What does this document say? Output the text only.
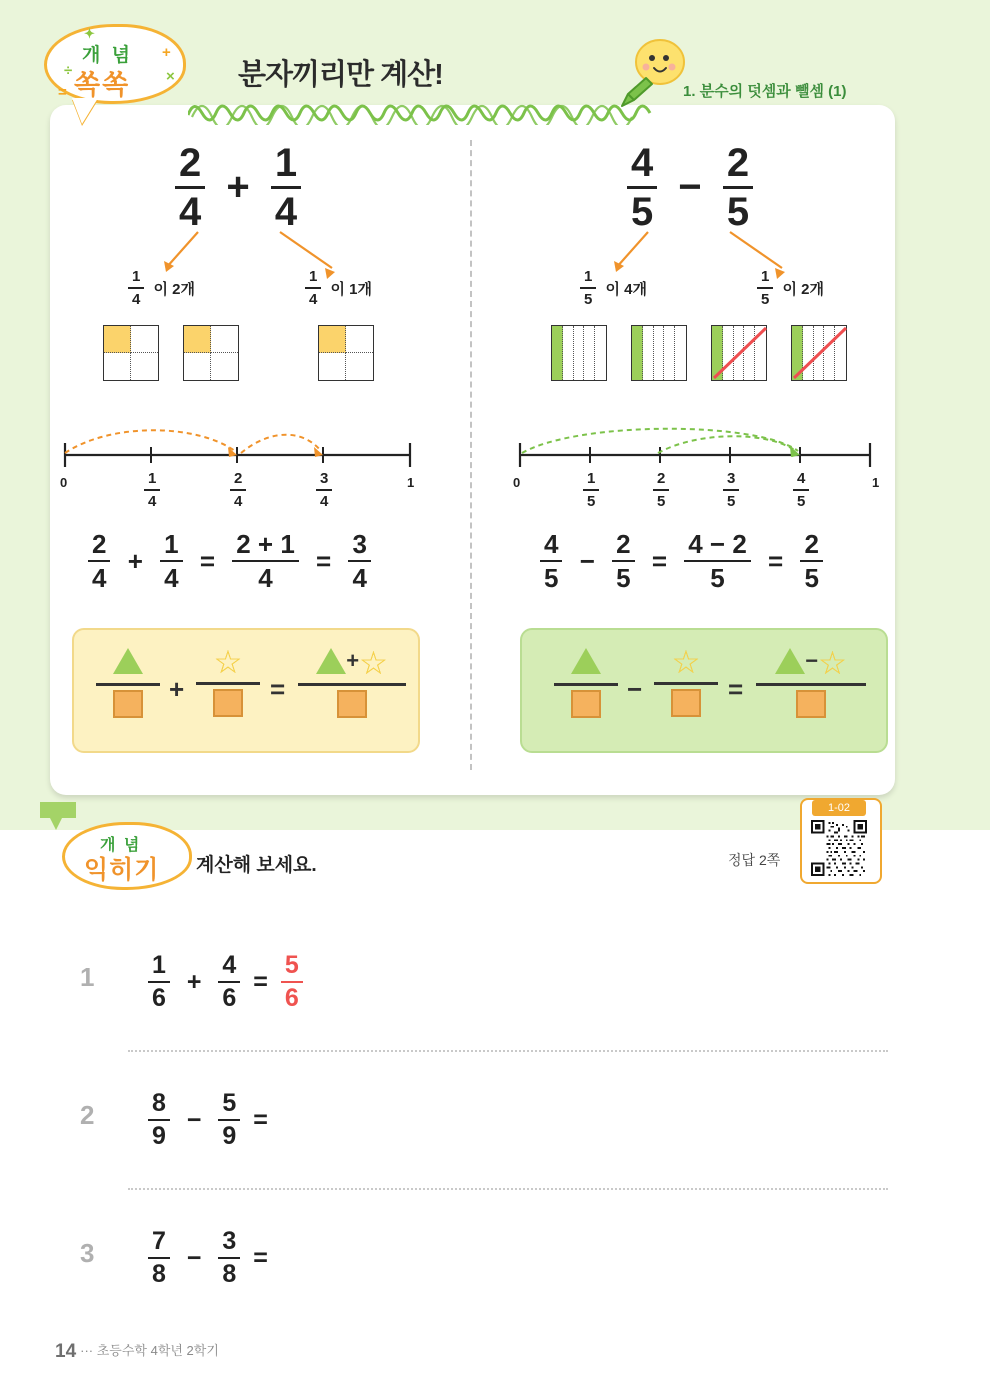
÷
+
×
=
✦
개 념
쏙쏙	분자끼리만 계산!
1. 분수의 덧셈과 뺄셈 (1)
$\frac{2}{4} + \frac{1}{4}$
$\frac{1}{4}$ 이 2개	$\frac{1}{4}$ 이 1개
0	1
$\frac{1}{4}$	$\frac{2}{4}$	$\frac{3}{4}$
$\frac{2}{4} + \frac{1}{4} = \frac{2 + 1}{4} = \frac{3}{4}$
+
☆
=
+☆
$\frac{4}{5} - \frac{2}{5}$
$\frac{1}{5}$ 이 4개	$\frac{1}{5}$ 이 2개
0	1
$\frac{1}{5}$	$\frac{2}{5}$	$\frac{3}{5}$	$\frac{4}{5}$
$\frac{4}{5} - \frac{2}{5} = \frac{4 - 2}{5} = \frac{2}{5}$
−
☆
=
−☆
개 념
익히기 계산해 보세요.	정답 2쪽
1-02
$1 \frac{1}{6} + \frac{4}{6} = \frac{5}{6}$
$2 \frac{8}{9} - \frac{5}{9}$ =
$3 \frac{7}{8} - \frac{3}{8}$ =
14 ··· 초등수학 4학년 2학기
